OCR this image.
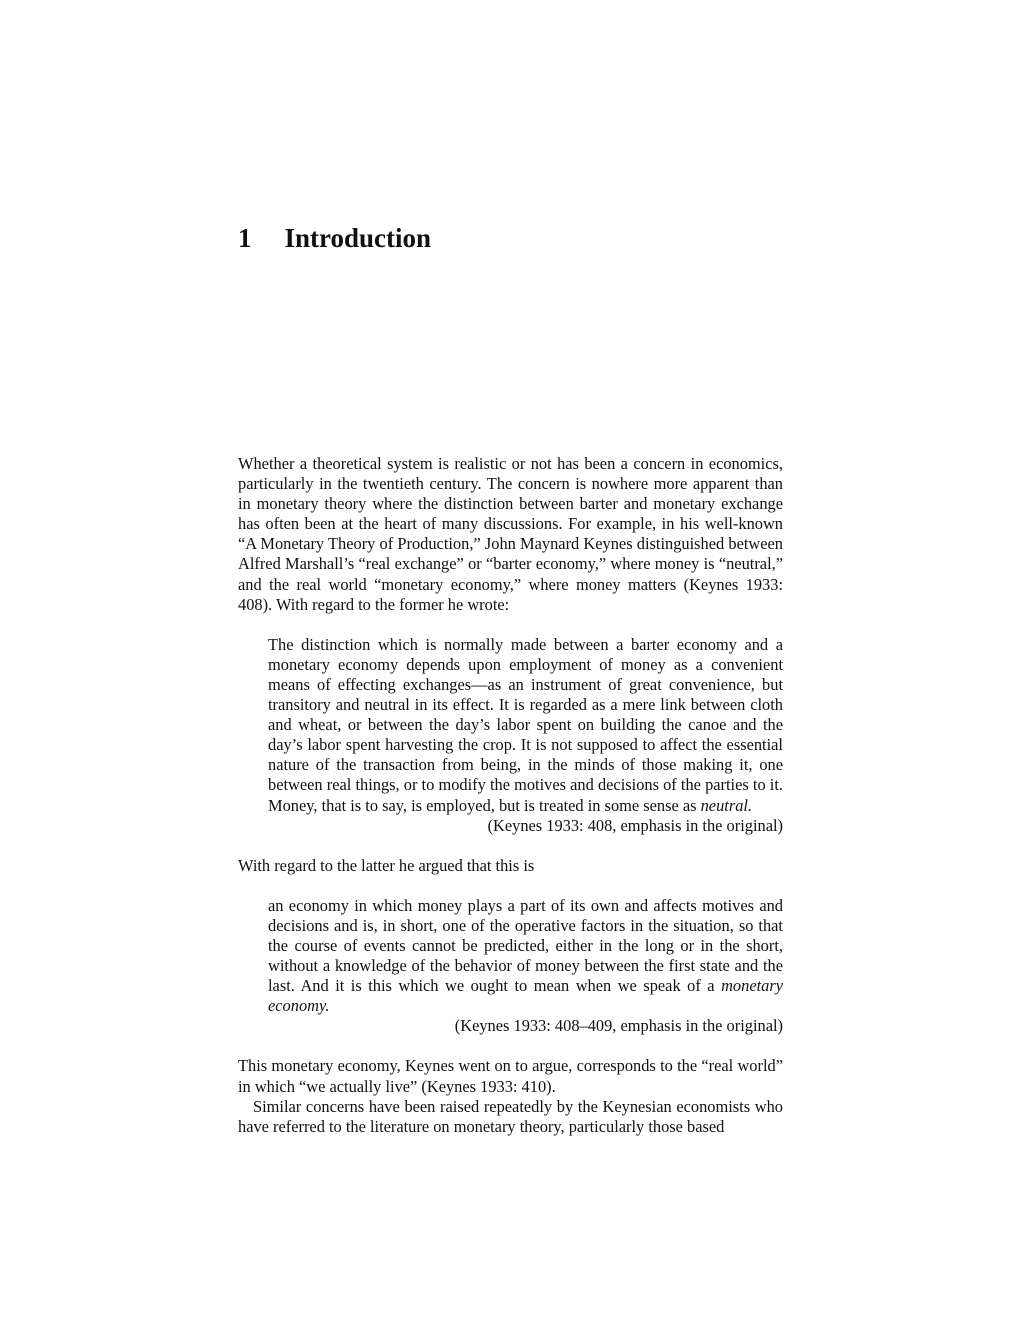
1 Introduction

Whether a theoretical system is realistic or not has been a concern in economics, particularly in the twentieth century. The concern is nowhere more apparent than in monetary theory where the distinction between barter and monetary exchange has often been at the heart of many discussions. For example, in his well-known “A Monetary Theory of Production,” John Maynard Keynes distinguished between Alfred Marshall’s “real exchange” or “barter economy,” where money is “neutral,” and the real world “monetary economy,” where money matters (Keynes 1933: 408). With regard to the former he wrote:

The distinction which is normally made between a barter economy and a monetary economy depends upon employment of money as a convenient means of effecting exchanges—as an instrument of great convenience, but transitory and neutral in its effect. It is regarded as a mere link between cloth and wheat, or between the day’s labor spent on building the canoe and the day’s labor spent harvesting the crop. It is not supposed to affect the essential nature of the transaction from being, in the minds of those making it, one between real things, or to modify the motives and decisions of the parties to it. Money, that is to say, is employed, but is treated in some sense as neutral.

(Keynes 1933: 408, emphasis in the original)

With regard to the latter he argued that this is

an economy in which money plays a part of its own and affects motives and decisions and is, in short, one of the operative factors in the situation, so that the course of events cannot be predicted, either in the long or in the short, without a knowledge of the behavior of money between the first state and the last. And it is this which we ought to mean when we speak of a monetary economy.

(Keynes 1933: 408–409, emphasis in the original)

This monetary economy, Keynes went on to argue, corresponds to the “real world” in which “we actually live” (Keynes 1933: 410).

Similar concerns have been raised repeatedly by the Keynesian economists who have referred to the literature on monetary theory, particularly those based
